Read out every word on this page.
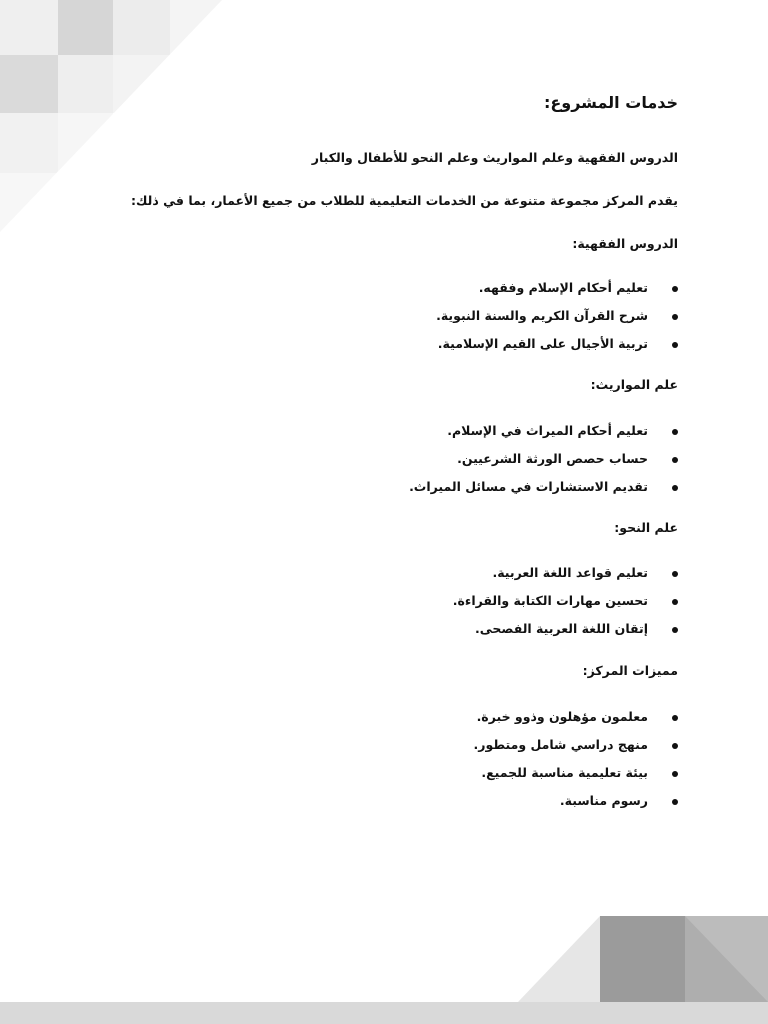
خدمات المشروع:

الدروس الفقهية وعلم المواريث وعلم النحو للأطفال والكبار

يقدم المركز مجموعة متنوعة من الخدمات التعليمية للطلاب من جميع الأعمار، بما في ذلك:

الدروس الفقهية:

تعليم أحكام الإسلام وفقهه.
شرح القرآن الكريم والسنة النبوية.
تربية الأجيال على القيم الإسلامية.

علم المواريث:

تعليم أحكام الميراث في الإسلام.
حساب حصص الورثة الشرعيين.
تقديم الاستشارات في مسائل الميراث.

علم النحو:

تعليم قواعد اللغة العربية.
تحسين مهارات الكتابة والقراءة.
إتقان اللغة العربية الفصحى.

مميزات المركز:

معلمون مؤهلون وذوو خبرة.
منهج دراسي شامل ومتطور.
بيئة تعليمية مناسبة للجميع.
رسوم مناسبة.
